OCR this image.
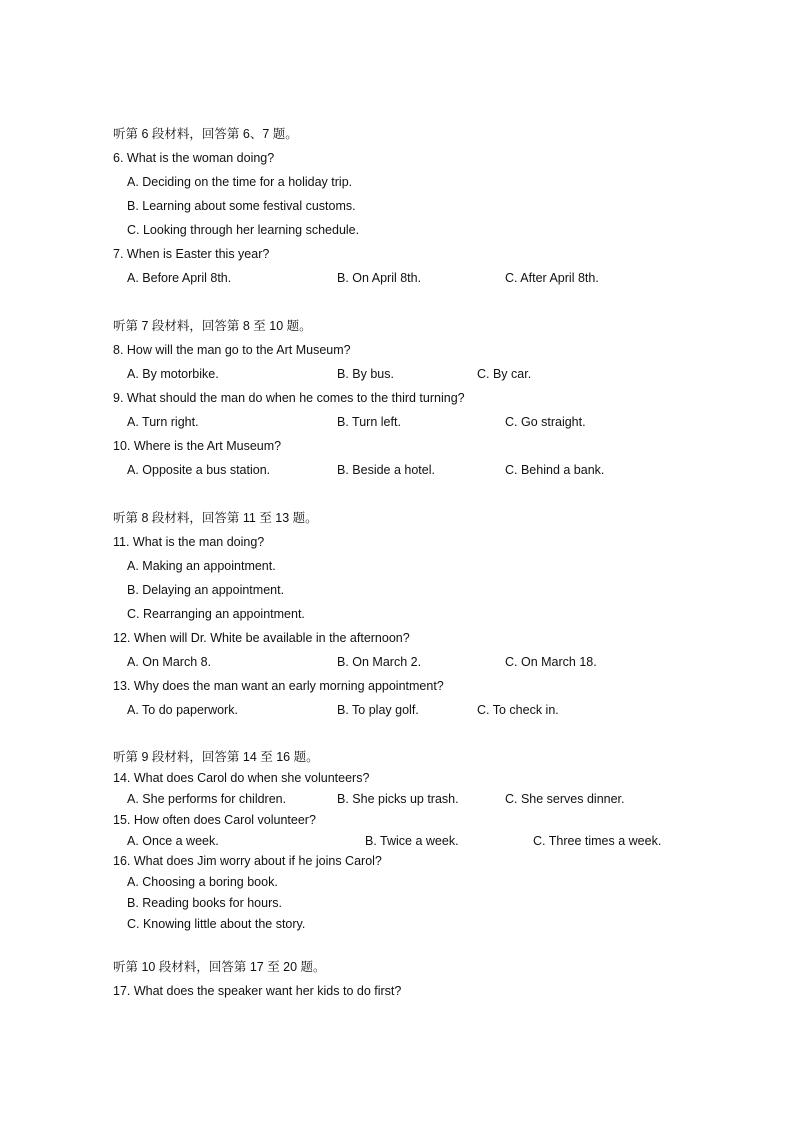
听第 6 段材料，回答第 6、7 题。
6. What is the woman doing?
A. Deciding on the time for a holiday trip.
B. Learning about some festival customs.
C. Looking through her learning schedule.
7. When is Easter this year?
A. Before April 8th.	B. On April 8th.	C. After April 8th.
听第 7 段材料，回答第 8 至 10 题。
8. How will the man go to the Art Museum?
A. By motorbike.	B. By bus.	C. By car.
9. What should the man do when he comes to the third turning?
A. Turn right.	B. Turn left.	C. Go straight.
10. Where is the Art Museum?
A. Opposite a bus station.	B. Beside a hotel.	C. Behind a bank.
听第 8 段材料，回答第 11 至 13 题。
11. What is the man doing?
A. Making an appointment.
B. Delaying an appointment.
C. Rearranging an appointment.
12. When will Dr. White be available in the afternoon?
A. On March 8.	B. On March 2.	C. On March 18.
13. Why does the man want an early morning appointment?
A. To do paperwork.	B. To play golf.	C. To check in.
听第 9 段材料，回答第 14 至 16 题。
14. What does Carol do when she volunteers?
A. She performs for children.	B. She picks up trash.	C. She serves dinner.
15. How often does Carol volunteer?
A. Once a week.	B. Twice a week.	C. Three times a week.
16. What does Jim worry about if he joins Carol?
A. Choosing a boring book.
B. Reading books for hours.
C. Knowing little about the story.
听第 10 段材料，回答第 17 至 20 题。
17. What does the speaker want her kids to do first?
